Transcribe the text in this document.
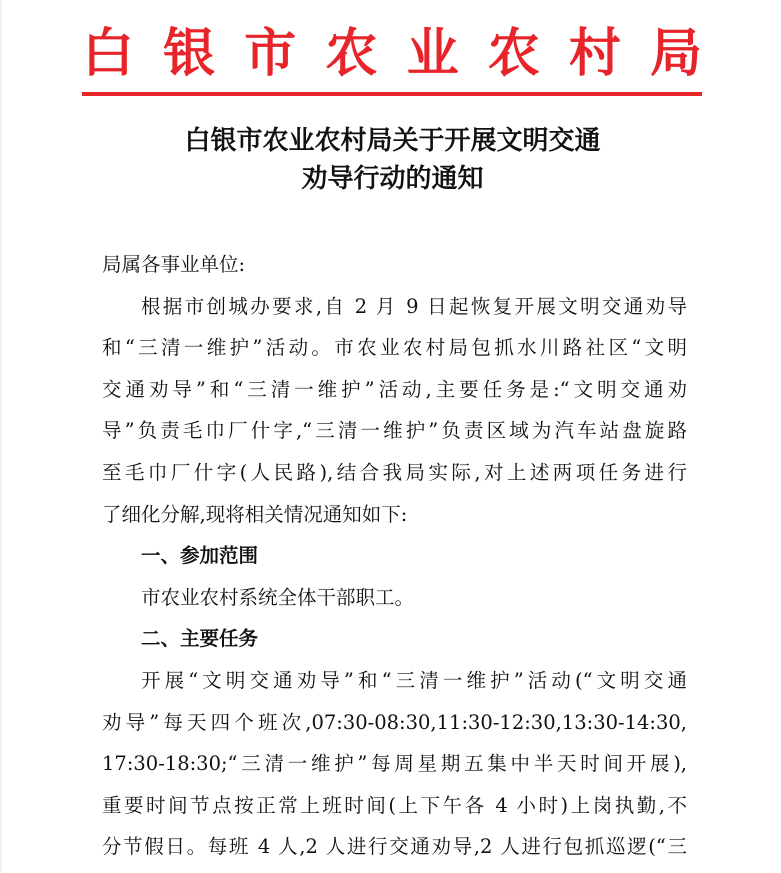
白 银 市 农 业 农 村 局
白银市农业农村局关于开展文明交通
劝导行动的通知
局属各事业单位:
根据市创城办要求,自 2 月 9 日起恢复开展文明交通劝导
和“三清一维护”活动。市农业农村局包抓水川路社区“文明
交通劝导”和“三清一维护”活动,主要任务是:“文明交通劝
导”负责毛巾厂什字,“三清一维护”负责区域为汽车站盘旋路
至毛巾厂什字(人民路),结合我局实际,对上述两项任务进行
了细化分解,现将相关情况通知如下:
一、参加范围
市农业农村系统全体干部职工。
二、主要任务
开展“文明交通劝导”和“三清一维护”活动(“文明交通
劝导”每天四个班次,07:30-08:30,11:30-12:30,13:30-14:30,
17:30-18:30;“三清一维护”每周星期五集中半天时间开展),
重要时间节点按正常上班时间(上下午各 4 小时)上岗执勤,不
分节假日。每班 4 人,2 人进行交通劝导,2 人进行包抓巡逻(“三
